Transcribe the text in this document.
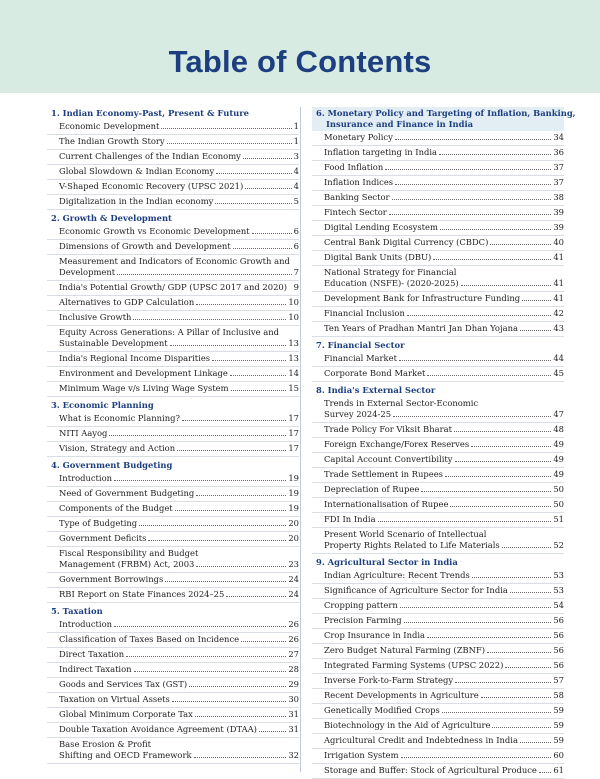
Table of Contents
1. Indian Economy-Past, Present & Future
Economic Development	1
The Indian Growth Story	1
Current Challenges of the Indian Economy	3
Global Slowdown & Indian Economy	4
V-Shaped Economic Recovery (UPSC 2021)	4
Digitalization in the Indian economy	5
2. Growth & Development
Economic Growth vs Economic Development	6
Dimensions of Growth and Development	6
Measurement and Indicators of Economic Growth and
Development	7
India's Potential Growth/ GDP (UPSC 2017 and 2020) 9
Alternatives to GDP Calculation	10
Inclusive Growth	10
Equity Across Generations: A Pillar of Inclusive and
Sustainable Development	13
India's Regional Income Disparities	13
Environment and Development Linkage	14
Minimum Wage v/s Living Wage System	15
3. Economic Planning
What is Economic Planning?	17
NITI Aayog	17
Vision, Strategy and Action	17
4. Government Budgeting
Introduction	19
Need of Government Budgeting	19
Components of the Budget	19
Type of Budgeting	20
Government Deficits	20
Fiscal Responsibility and Budget
Management (FRBM) Act, 2003	23
Government Borrowings	24
RBI Report on State Finances 2024–25	24
5. Taxation
Introduction	26
Classification of Taxes Based on Incidence	26
Direct Taxation	27
Indirect Taxation	28
Goods and Services Tax (GST)	29
Taxation on Virtual Assets	30
Global Minimum Corporate Tax	31
Double Taxation Avoidance Agreement (DTAA)	31
Base Erosion & Profit
Shifting and OECD Framework	32
6. Monetary Policy and Targeting of Inflation, Banking,
Insurance and Finance in India
Monetary Policy	34
Inflation targeting in India	36
Food Inflation	37
Inflation Indices	37
Banking Sector	38
Fintech Sector	39
Digital Lending Ecosystem	39
Central Bank Digital Currency (CBDC)	40
Digital Bank Units (DBU)	41
National Strategy for Financial
Education (NSFE)- (2020-2025)	41
Development Bank for Infrastructure Funding	41
Financial Inclusion	42
Ten Years of Pradhan Mantri Jan Dhan Yojana	43
7. Financial Sector
Financial Market	44
Corporate Bond Market	45
8. India's External Sector
Trends in External Sector-Economic
Survey 2024-25	47
Trade Policy For Viksit Bharat	48
Foreign Exchange/Forex Reserves	49
Capital Account Convertibility	49
Trade Settlement in Rupees	49
Depreciation of Rupee	50
Internationalisation of Rupee	50
FDI In India	51
Present World Scenario of Intellectual
Property Rights Related to Life Materials	52
9. Agricultural Sector in India
Indian Agriculture: Recent Trends	53
Significance of Agriculture Sector for India	53
Cropping pattern	54
Precision Farming	56
Crop Insurance in India	56
Zero Budget Natural Farming (ZBNF)	56
Integrated Farming Systems (UPSC 2022)	56
Inverse Fork-to-Farm Strategy	57
Recent Developments in Agriculture	58
Genetically Modified Crops	59
Biotechnology in the Aid of Agriculture	59
Agricultural Credit and Indebtedness in India	59
Irrigation System	60
Storage and Buffer: Stock of Agricultural Produce 61
